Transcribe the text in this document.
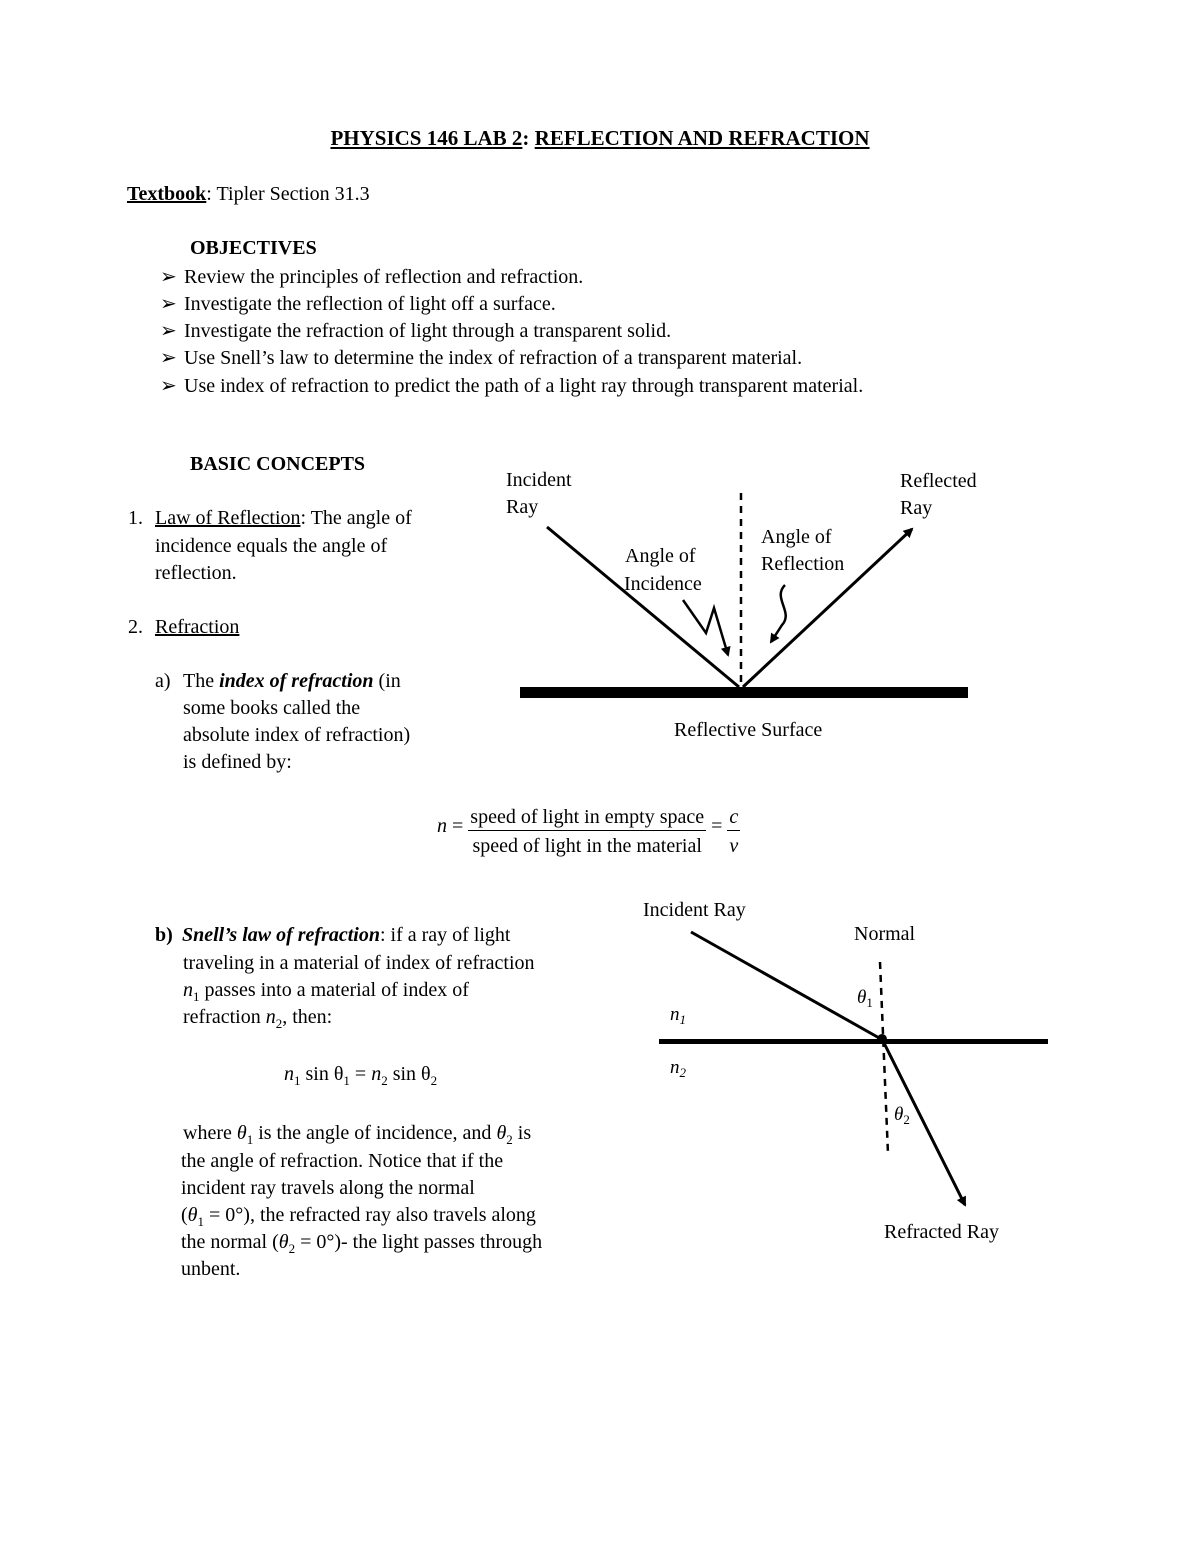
PHYSICS 146 LAB 2: REFLECTION AND REFRACTION
Textbook: Tipler Section 31.3
OBJECTIVES
➢ Review the principles of reflection and refraction.
➢ Investigate the reflection of light off a surface.
➢ Investigate the refraction of light through a transparent solid.
➢ Use Snell’s law to determine the index of refraction of a transparent material.
➢ Use index of refraction to predict the path of a light ray through transparent material.
BASIC CONCEPTS
1. Law of Reflection: The angle of
incidence equals the angle of
reflection.
2. Refraction
a) The index of refraction (in
some books called the
absolute index of refraction)
is defined by:
$n = \frac{\text{speed of light in empty space}}{\text{speed of light in the material}} = \frac{c}{v}$
b) Snell’s law of refraction: if a ray of light
traveling in a material of index of refraction
$n_1$ passes into a material of index of
refraction $n_2$, then:
$n_1$ $\sin \theta_1 = n_2$ $\sin \theta_2$
where $\theta_1$ is the angle of incidence, and $\theta_2$ is
the angle of refraction. Notice that if the
incident ray travels along the normal
$(\theta_1 = 0^\circ)$, the refracted ray also travels along
the normal $(\theta_2 = 0^\circ)-$ the light passes through
unbent.
Incident
Ray
Reflected
Ray
Angle of
Incidence
Angle of
Reflection
Reflective Surface
Incident Ray
Normal
$n_1$
$n_2$
$\theta_1$
$\theta_2$
Refracted Ray
